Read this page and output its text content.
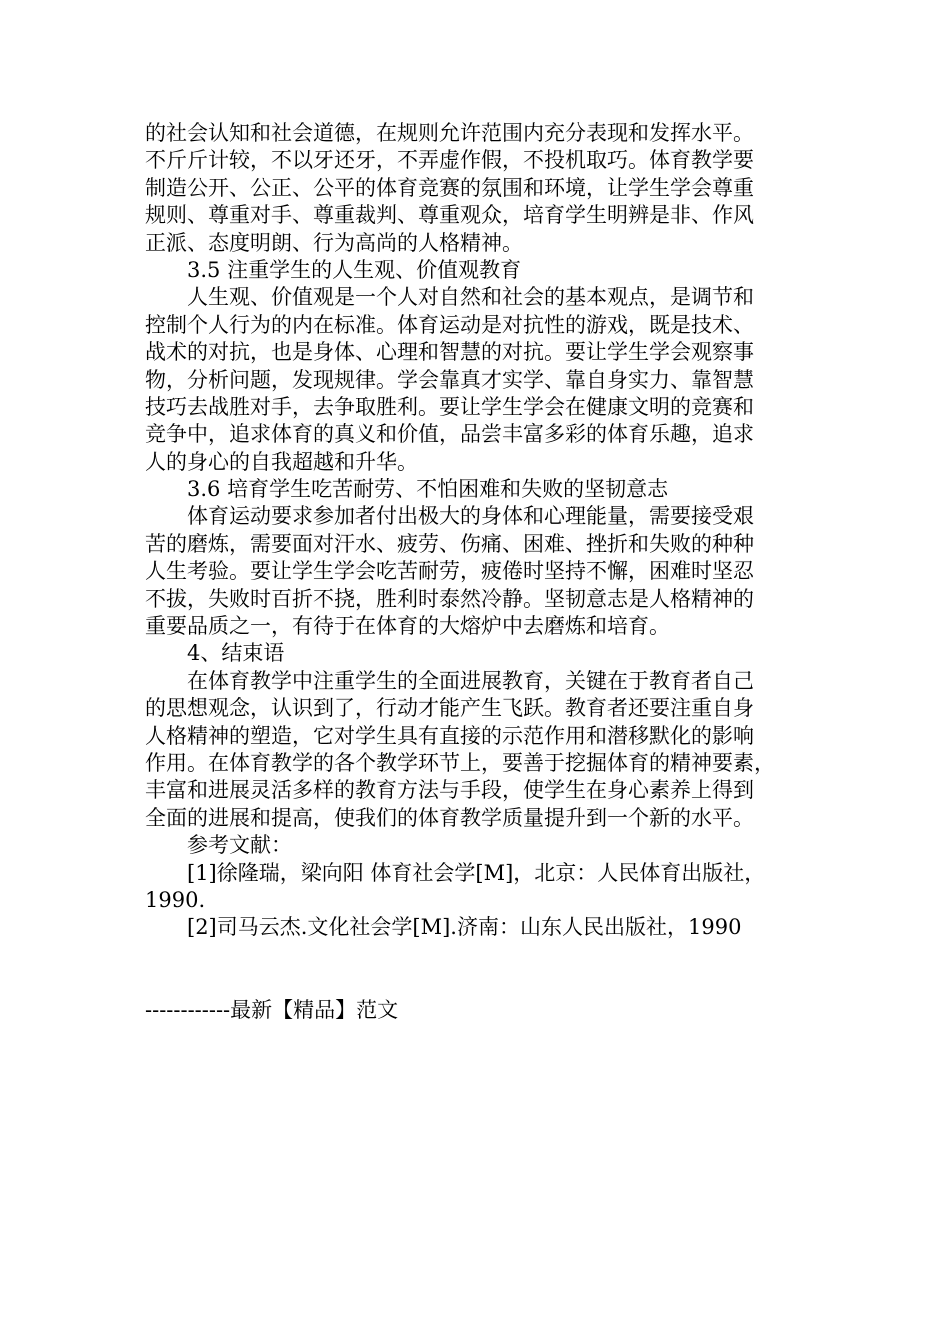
的社会认知和社会道德，在规则允许范围内充分表现和发挥水平。
不斤斤计较，不以牙还牙，不弄虚作假，不投机取巧。体育教学要
制造公开、公正、公平的体育竞赛的氛围和环境，让学生学会尊重
规则、尊重对手、尊重裁判、尊重观众，培育学生明辨是非、作风
正派、态度明朗、行为高尚的人格精神。
3.5 注重学生的人生观、价值观教育
人生观、价值观是一个人对自然和社会的基本观点，是调节和
控制个人行为的内在标准。体育运动是对抗性的游戏，既是技术、
战术的对抗，也是身体、心理和智慧的对抗。要让学生学会观察事
物，分析问题，发现规律。学会靠真才实学、靠自身实力、靠智慧
技巧去战胜对手，去争取胜利。要让学生学会在健康文明的竞赛和
竞争中，追求体育的真义和价值，品尝丰富多彩的体育乐趣，追求
人的身心的自我超越和升华。
3.6 培育学生吃苦耐劳、不怕困难和失败的坚韧意志
体育运动要求参加者付出极大的身体和心理能量，需要接受艰
苦的磨炼，需要面对汗水、疲劳、伤痛、困难、挫折和失败的种种
人生考验。要让学生学会吃苦耐劳，疲倦时坚持不懈，困难时坚忍
不拔，失败时百折不挠，胜利时泰然冷静。坚韧意志是人格精神的
重要品质之一，有待于在体育的大熔炉中去磨炼和培育。
4、结束语
在体育教学中注重学生的全面进展教育，关键在于教育者自己
的思想观念，认识到了，行动才能产生飞跃。教育者还要注重自身
人格精神的塑造，它对学生具有直接的示范作用和潜移默化的影响
作用。在体育教学的各个教学环节上，要善于挖掘体育的精神要素，
丰富和进展灵活多样的教育方法与手段，使学生在身心素养上得到
全面的进展和提高，使我们的体育教学质量提升到一个新的水平。
参考文献：
[1]徐隆瑞，梁向阳 体育社会学[M]，北京：人民体育出版社，
1990.
[2]司马云杰.文化社会学[M].济南：山东人民出版社，1990
------------最新【精品】范文
